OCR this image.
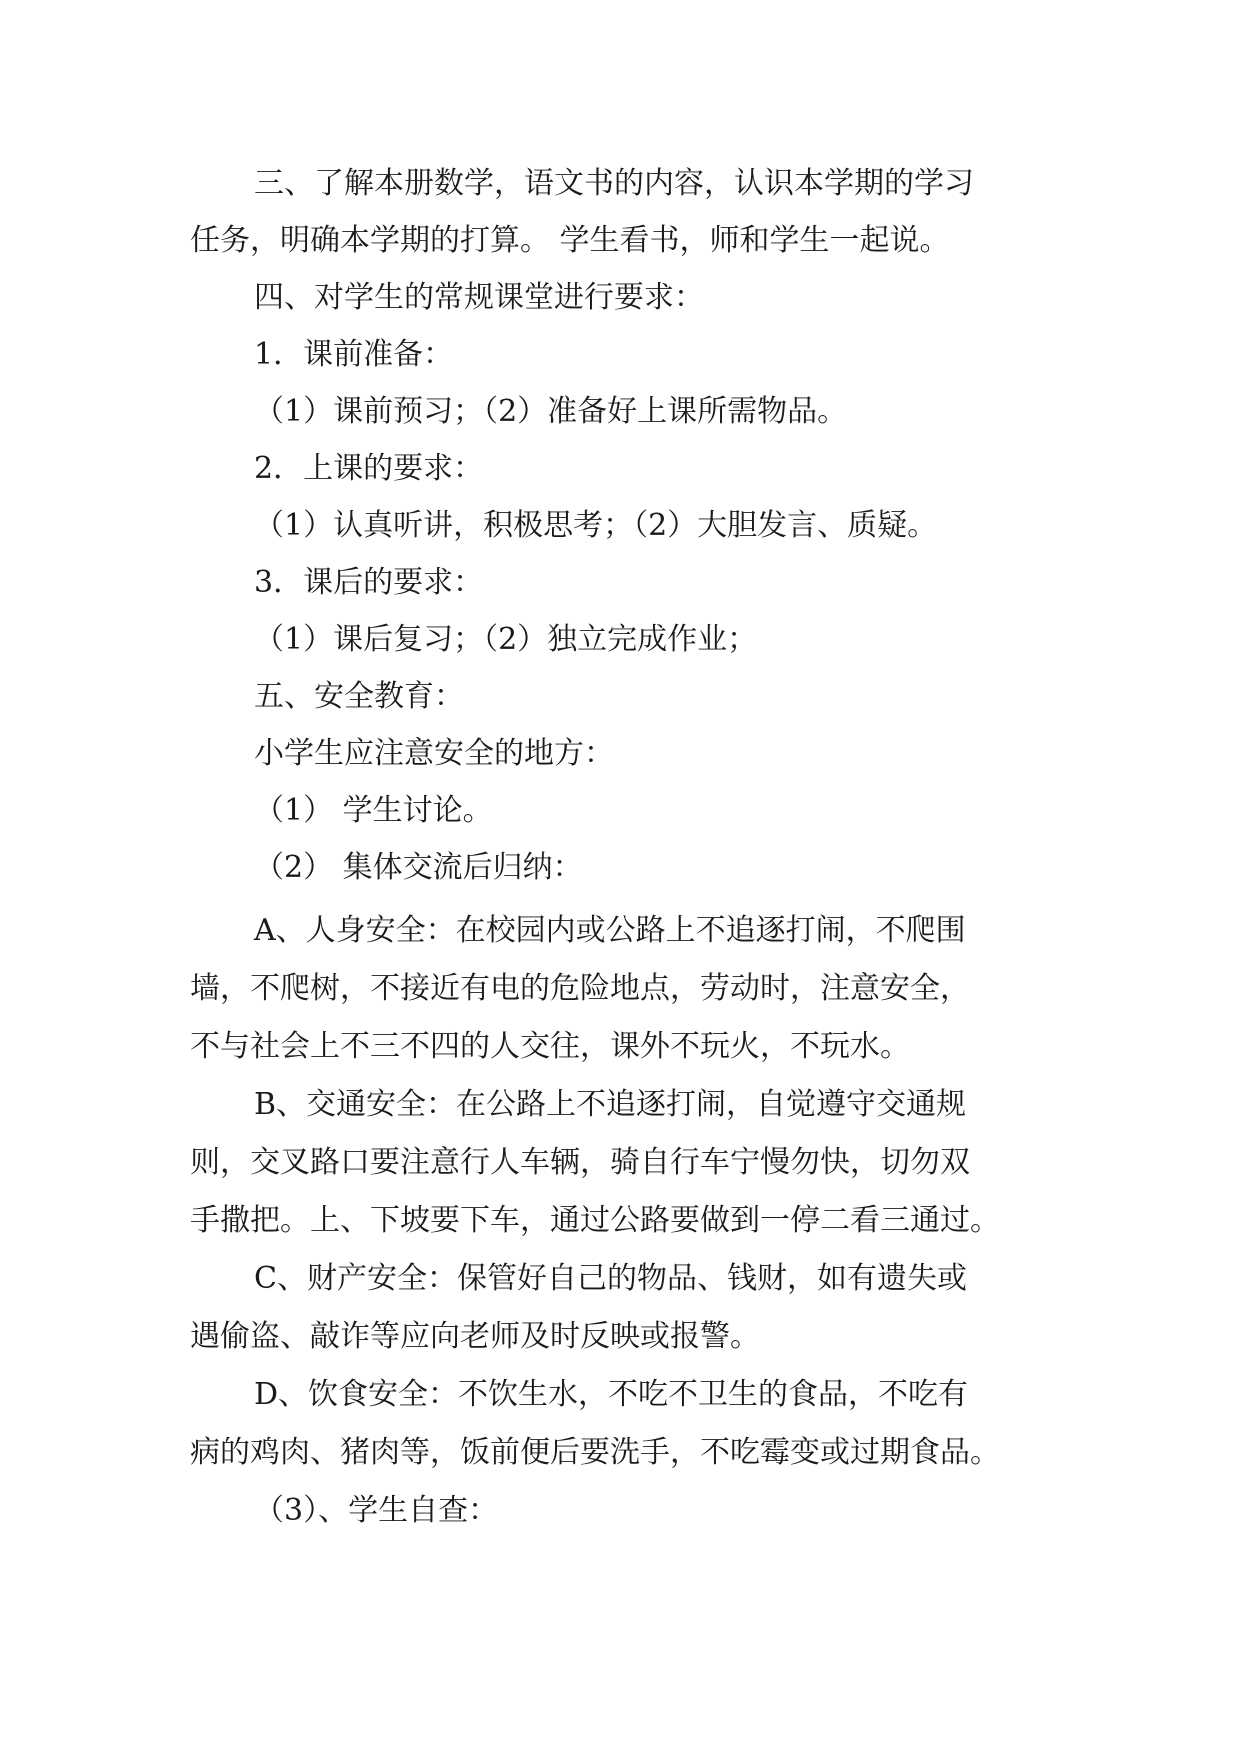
三、了解本册数学，语文书的内容，认识本学期的学习
任务，明确本学期的打算。 学生看书，师和学生一起说。
四、对学生的常规课堂进行要求：
1．课前准备：
（1）课前预习；（2）准备好上课所需物品。
2．上课的要求：
（1）认真听讲，积极思考；（2）大胆发言、质疑。
3．课后的要求：
（1）课后复习；（2）独立完成作业；
五、安全教育：
小学生应注意安全的地方：
（1） 学生讨论。
（2） 集体交流后归纳：
A、人身安全：在校园内或公路上不追逐打闹，不爬围
墙，不爬树，不接近有电的危险地点，劳动时，注意安全，
不与社会上不三不四的人交往，课外不玩火，不玩水。
B、交通安全：在公路上不追逐打闹，自觉遵守交通规
则，交叉路口要注意行人车辆，骑自行车宁慢勿快，切勿双
手撒把。上、下坡要下车，通过公路要做到一停二看三通过。
C、财产安全：保管好自己的物品、钱财，如有遗失或
遇偷盗、敲诈等应向老师及时反映或报警。
D、饮食安全：不饮生水，不吃不卫生的食品，不吃有
病的鸡肉、猪肉等，饭前便后要洗手，不吃霉变或过期食品。
（3）、学生自查：
